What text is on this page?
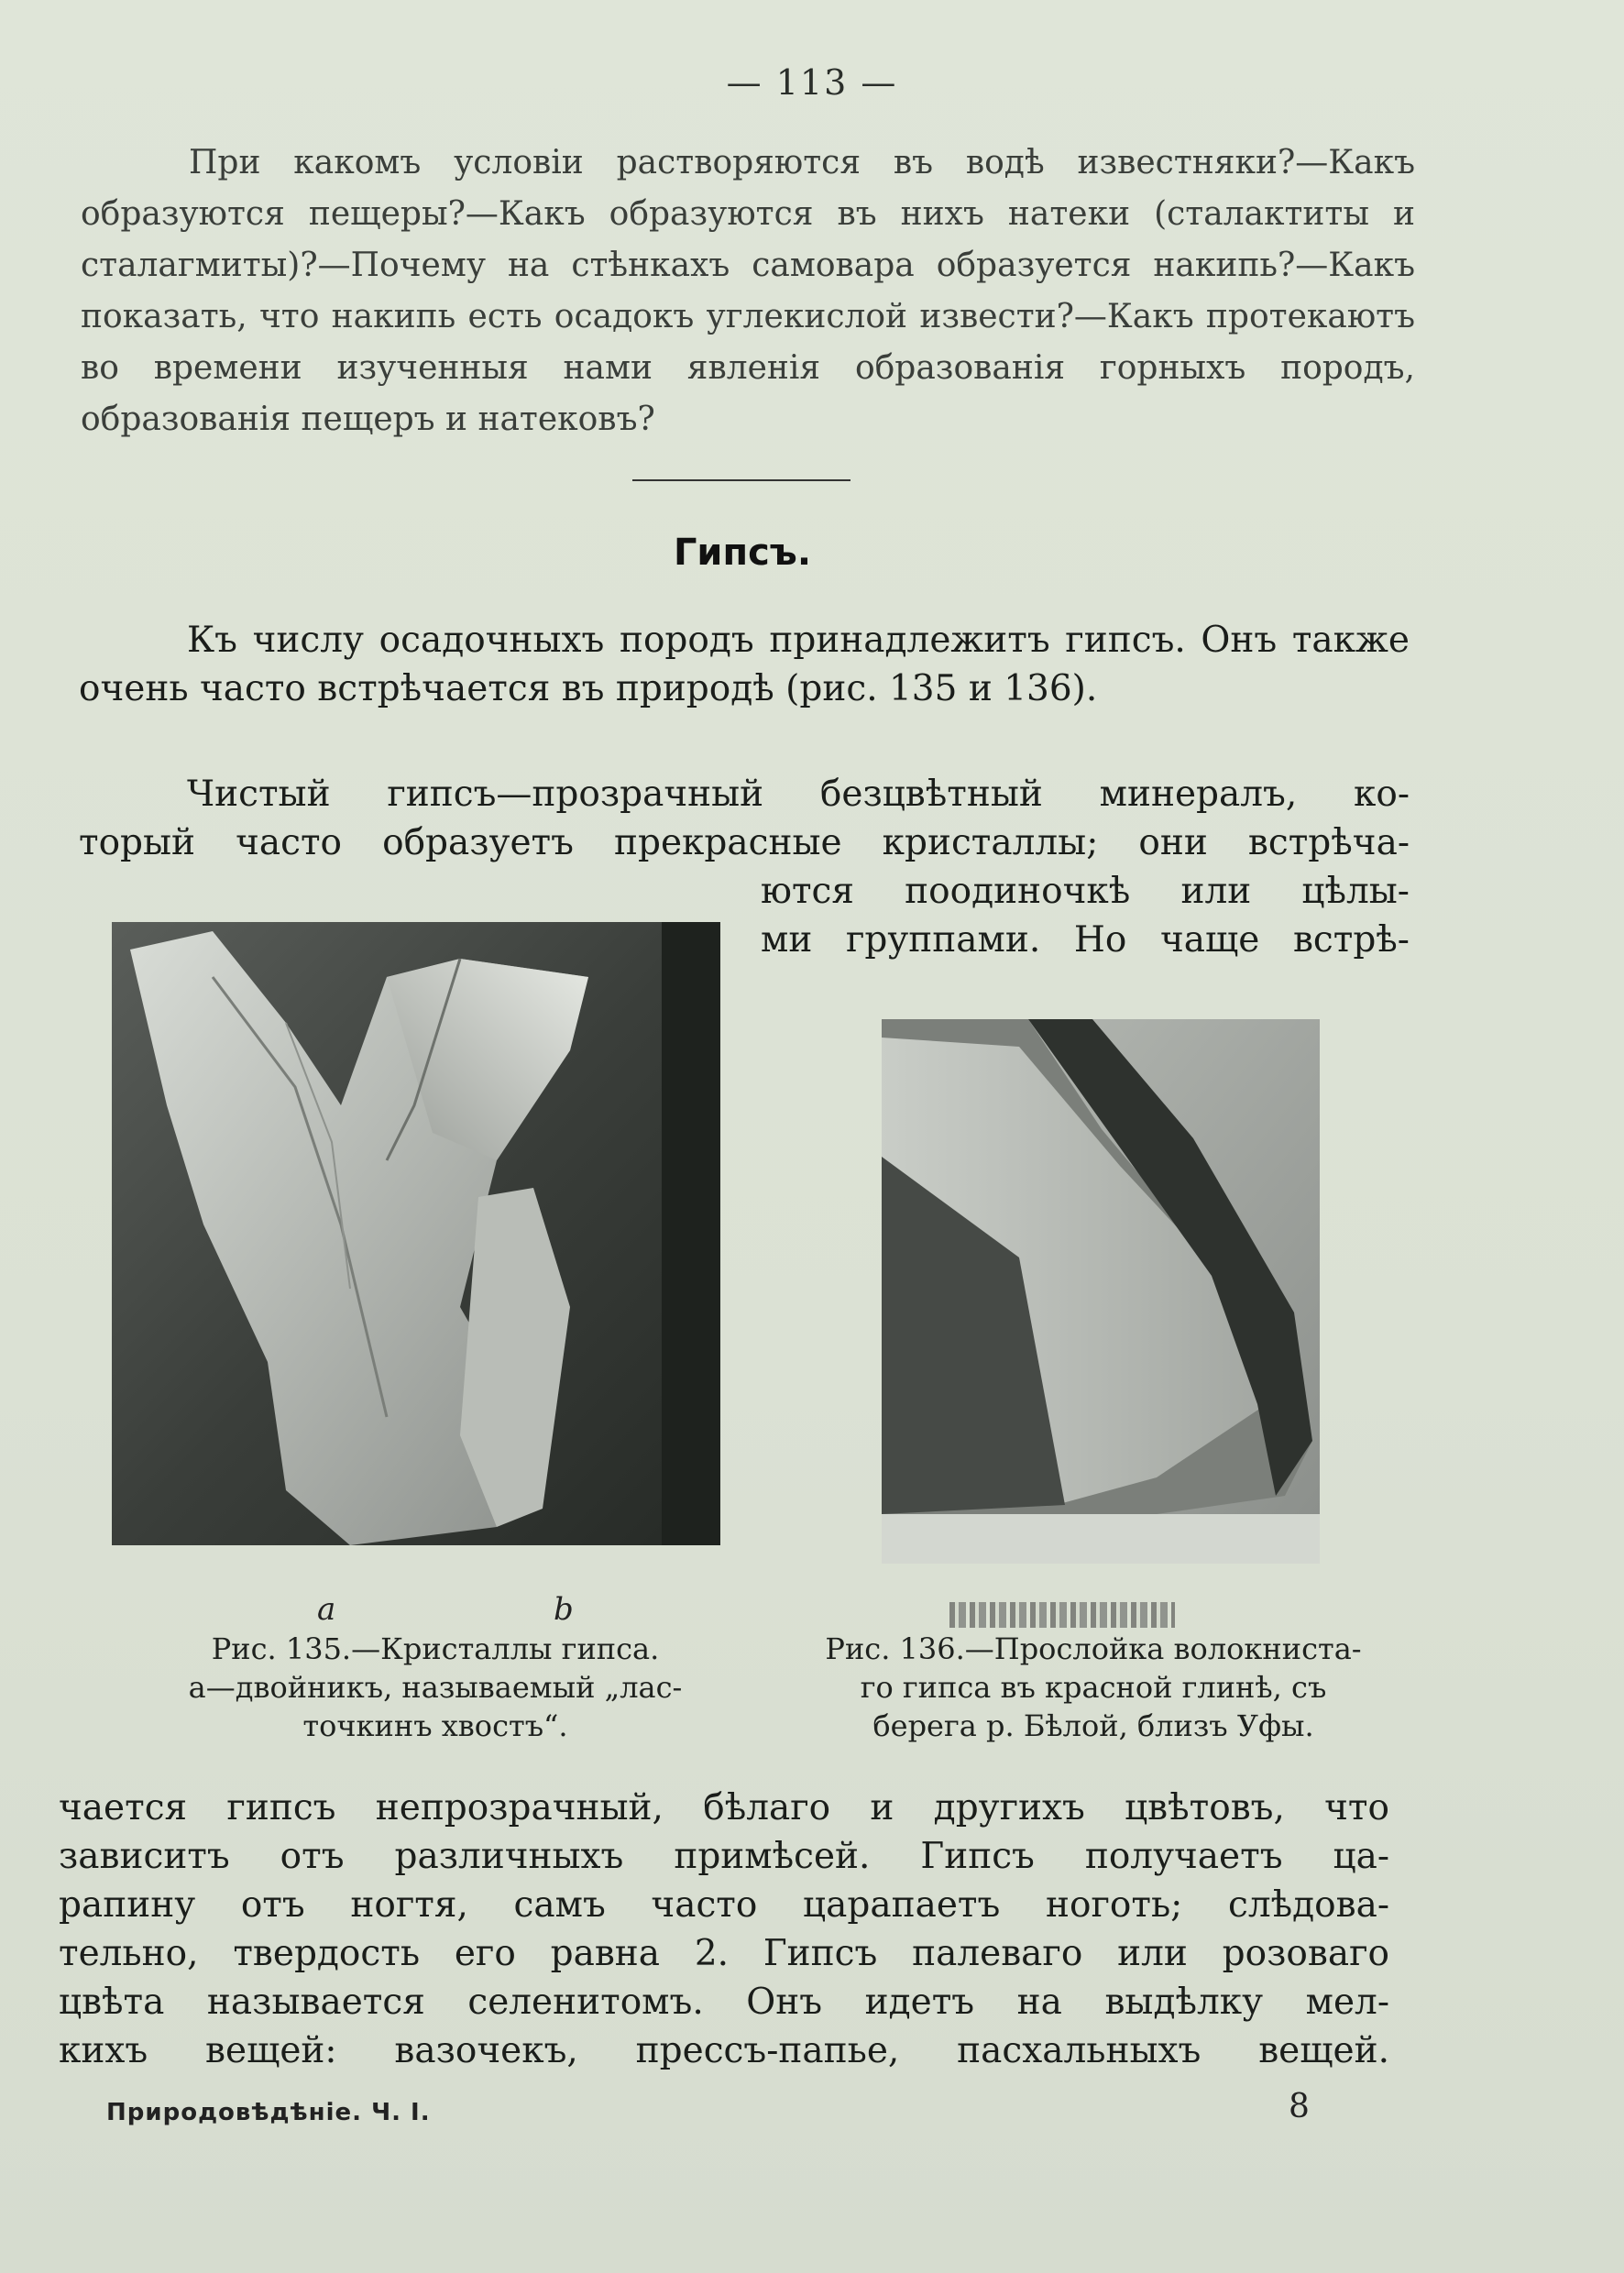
— 113 —

При какомъ условіи растворяются въ водѣ известняки?—Какъ образуются пещеры?—Какъ образуются въ нихъ натеки (сталактиты и сталагмиты)?—Почему на стѣнкахъ самовара образуется накипь?—Какъ показать, что накипь есть осадокъ углекислой извести?—Какъ протекаютъ во времени изученныя нами явленія образованія горныхъ породъ, образованія пещеръ и натековъ?

Гипсъ.

Къ числу осадочныхъ породъ принадлежитъ гипсъ. Онъ также очень часто встрѣчается въ природѣ (рис. 135 и 136).

Чистый гипсъ—прозрачный безцвѣтный минералъ, ко-
торый часто образуетъ прекрасные кристаллы; они встрѣча-
ются поодиночкѣ или цѣлы-
ми группами. Но чаще встрѣ-
a	b
Рис. 135.—Кристаллы гипса.
а—двойникъ, называемый „лас-
точкинъ хвостъ“.
Рис. 136.—Прослойка волокниста-
го гипса въ красной глинѣ, съ
берега р. Бѣлой, близъ Уфы.
чается гипсъ непрозрачный, бѣлаго и другихъ цвѣтовъ, что
зависитъ отъ различныхъ примѣсей. Гипсъ получаетъ ца-
рапину отъ ногтя, самъ часто царапаетъ ноготь; слѣдова-
тельно, твердость его равна 2. Гипсъ палеваго или розоваго
цвѣта называется селенитомъ. Онъ идетъ на выдѣлку мел-
кихъ вещей: вазочекъ, прессъ-папье, пасхальныхъ вещей.
Природовѣдѣніе. Ч. I.	8
